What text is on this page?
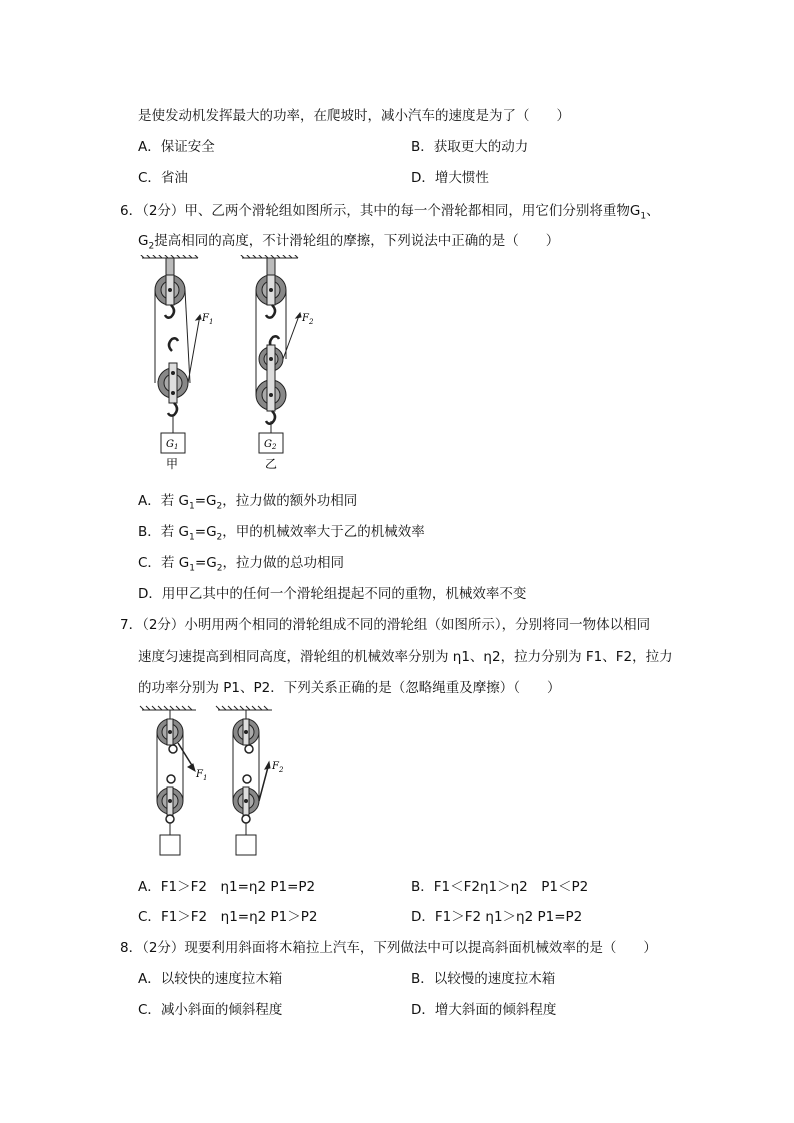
是使发动机发挥最大的功率，在爬坡时，减小汽车的速度是为了（　　）
A．保证安全	B．获取更大的动力
C．省油	D．增大惯性
6．（2分）甲、乙两个滑轮组如图所示，其中的每一个滑轮都相同，用它们分别将重物$G_1$、
$G_2$提高相同的高度，不计滑轮组的摩擦，下列说法中正确的是（　　）
$F_1$
$G_1$
甲
$F_2$
$G_2$
乙
A．若 $G_1=G_2$，拉力做的额外功相同
B．若 $G_1=G_2$，甲的机械效率大于乙的机械效率
C．若 $G_1=G_2$，拉力做的总功相同
D．用甲乙其中的任何一个滑轮组提起不同的重物，机械效率不变
7．（2分）小明用两个相同的滑轮组成不同的滑轮组（如图所示），分别将同一物体以相同
速度匀速提高到相同高度，滑轮组的机械效率分别为 η1、η2，拉力分别为 F1、F2，拉力
的功率分别为 P1、P2．下列关系正确的是（忽略绳重及摩擦）（　　）
$F_1$
$F_2$
A．F1＞F2　η1=η2 P1=P2	B．F1＜F2η1＞η2　P1＜P2
C．F1＞F2　η1=η2 P1＞P2	D．F1＞F2 η1＞η2 P1=P2
8．（2分）现要利用斜面将木箱拉上汽车，下列做法中可以提高斜面机械效率的是（　　）
A．以较快的速度拉木箱	B．以较慢的速度拉木箱
C．减小斜面的倾斜程度	D．增大斜面的倾斜程度
